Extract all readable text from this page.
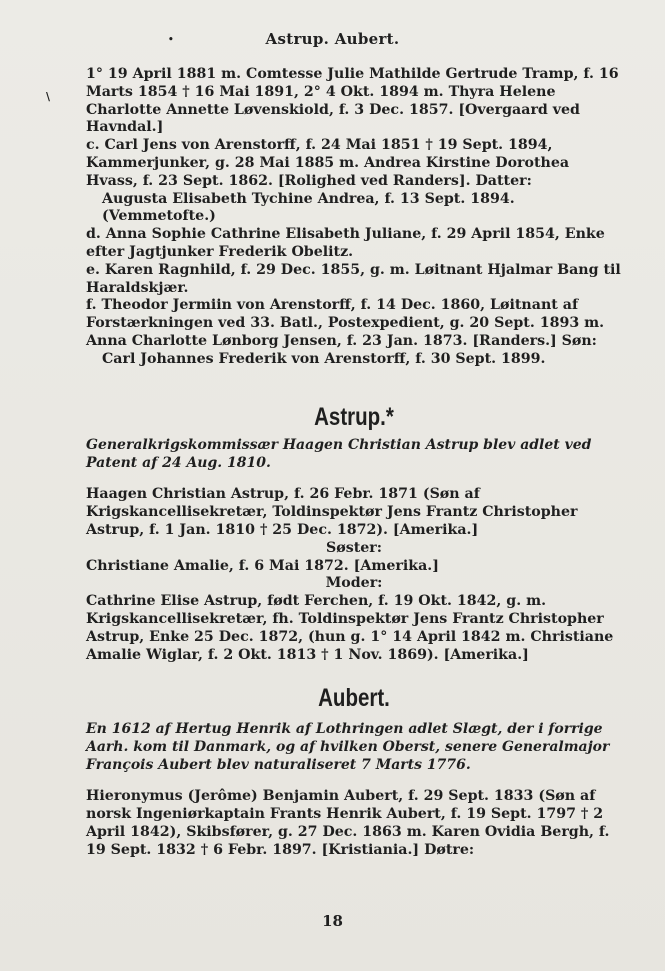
•
\
Astrup. Aubert.

1° 19 April 1881 m. Comtesse Julie Mathilde Gertrude Tramp, f. 16 Marts 1854 † 16 Mai 1891, 2° 4 Okt. 1894 m. Thyra Helene Charlotte Annette Løvenskiold, f. 3 Dec. 1857. [Overgaard ved Havndal.]

c. Carl Jens von Arenstorff, f. 24 Mai 1851 † 19 Sept. 1894, Kammerjunker, g. 28 Mai 1885 m. Andrea Kirstine Dorothea Hvass, f. 23 Sept. 1862. [Rolighed ved Randers]. Datter:

Augusta Elisabeth Tychine Andrea, f. 13 Sept. 1894. (Vemmetofte.)

d. Anna Sophie Cathrine Elisabeth Juliane, f. 29 April 1854, Enke efter Jagtjunker Frederik Obelitz.

e. Karen Ragnhild, f. 29 Dec. 1855, g. m. Løitnant Hjalmar Bang til Haraldskjær.

f. Theodor Jermiin von Arenstorff, f. 14 Dec. 1860, Løitnant af Forstærkningen ved 33. Batl., Postexpedient, g. 20 Sept. 1893 m. Anna Charlotte Lønborg Jensen, f. 23 Jan. 1873. [Randers.] Søn:

Carl Johannes Frederik von Arenstorff, f. 30 Sept. 1899.

Astrup.*

Generalkrigskommissær Haagen Christian Astrup blev adlet ved Patent af 24 Aug. 1810.

Haagen Christian Astrup, f. 26 Febr. 1871 (Søn af Krigskancellisekretær, Toldinspektør Jens Frantz Christopher Astrup, f. 1 Jan. 1810 † 25 Dec. 1872). [Amerika.]

Søster:

Christiane Amalie, f. 6 Mai 1872. [Amerika.]

Moder:

Cathrine Elise Astrup, født Ferchen, f. 19 Okt. 1842, g. m. Krigskancellisekretær, fh. Toldinspektør Jens Frantz Christopher Astrup, Enke 25 Dec. 1872, (hun g. 1° 14 April 1842 m. Christiane Amalie Wiglar, f. 2 Okt. 1813 † 1 Nov. 1869). [Amerika.]

Aubert.

En 1612 af Hertug Henrik af Lothringen adlet Slægt, der i forrige Aarh. kom til Danmark, og af hvilken Oberst, senere Generalmajor François Aubert blev naturaliseret 7 Marts 1776.

Hieronymus (Jerôme) Benjamin Aubert, f. 29 Sept. 1833 (Søn af norsk Ingeniørkaptain Frants Henrik Aubert, f. 19 Sept. 1797 † 2 April 1842), Skibsfører, g. 27 Dec. 1863 m. Karen Ovidia Bergh, f. 19 Sept. 1832 † 6 Febr. 1897. [Kristiania.] Døtre:

18
